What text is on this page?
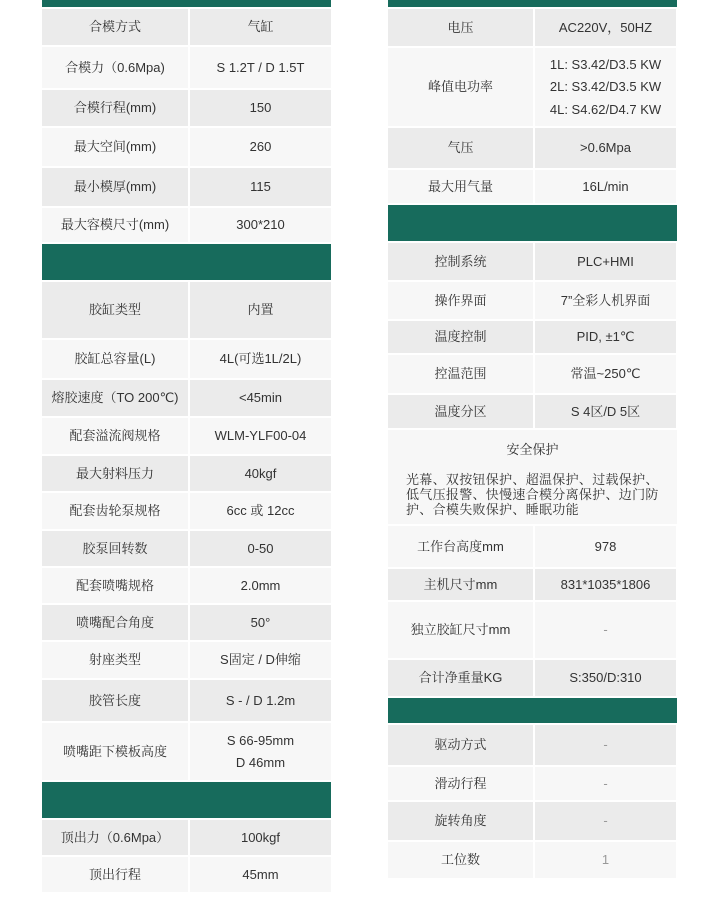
合模方式	气缸
合模力（0.6Mpa)	S 1.2T / D 1.5T
合模行程(mm)	150
最大空间(mm)	260
最小模厚(mm)	115
最大容模尺寸(mm)	300*210
胶缸类型	内置
胶缸总容量(L)	4L(可选1L/2L)
熔胶速度（TO 200℃)	<45min
配套溢流阀规格	WLM-YLF00-04
最大射料压力	40kgf
配套齿轮泵规格	6cc 或 12cc
胶泵回转数	0-50
配套喷嘴规格	2.0mm
喷嘴配合角度	50°
射座类型	S固定 / D伸缩
胶管长度	S - / D 1.2m
喷嘴距下模板高度
S 66-95mm
D 46mm
顶出力（0.6Mpa）	100kgf
顶出行程	45mm
电压	AC220V，50HZ
峰值电功率
1L: S3.42/D3.5 KW
2L: S3.42/D3.5 KW
4L: S4.62/D4.7 KW
气压	>0.6Mpa
最大用气量	16L/min
控制系统	PLC+HMI
操作界面	7”全彩人机界面
温度控制	PID, ±1℃
控温范围	常温~250℃
温度分区	S 4区/D 5区
安全保护
光幕、双按钮保护、超温保护、过载保护、低气压报警、快慢速合模分离保护、边门防护、合模失败保护、睡眠功能
工作台高度mm	978
主机尺寸mm	831*1035*1806
独立胶缸尺寸mm	-
合计净重量KG	S:350/D:310
驱动方式	-
滑动行程	-
旋转角度	-
工位数	1
